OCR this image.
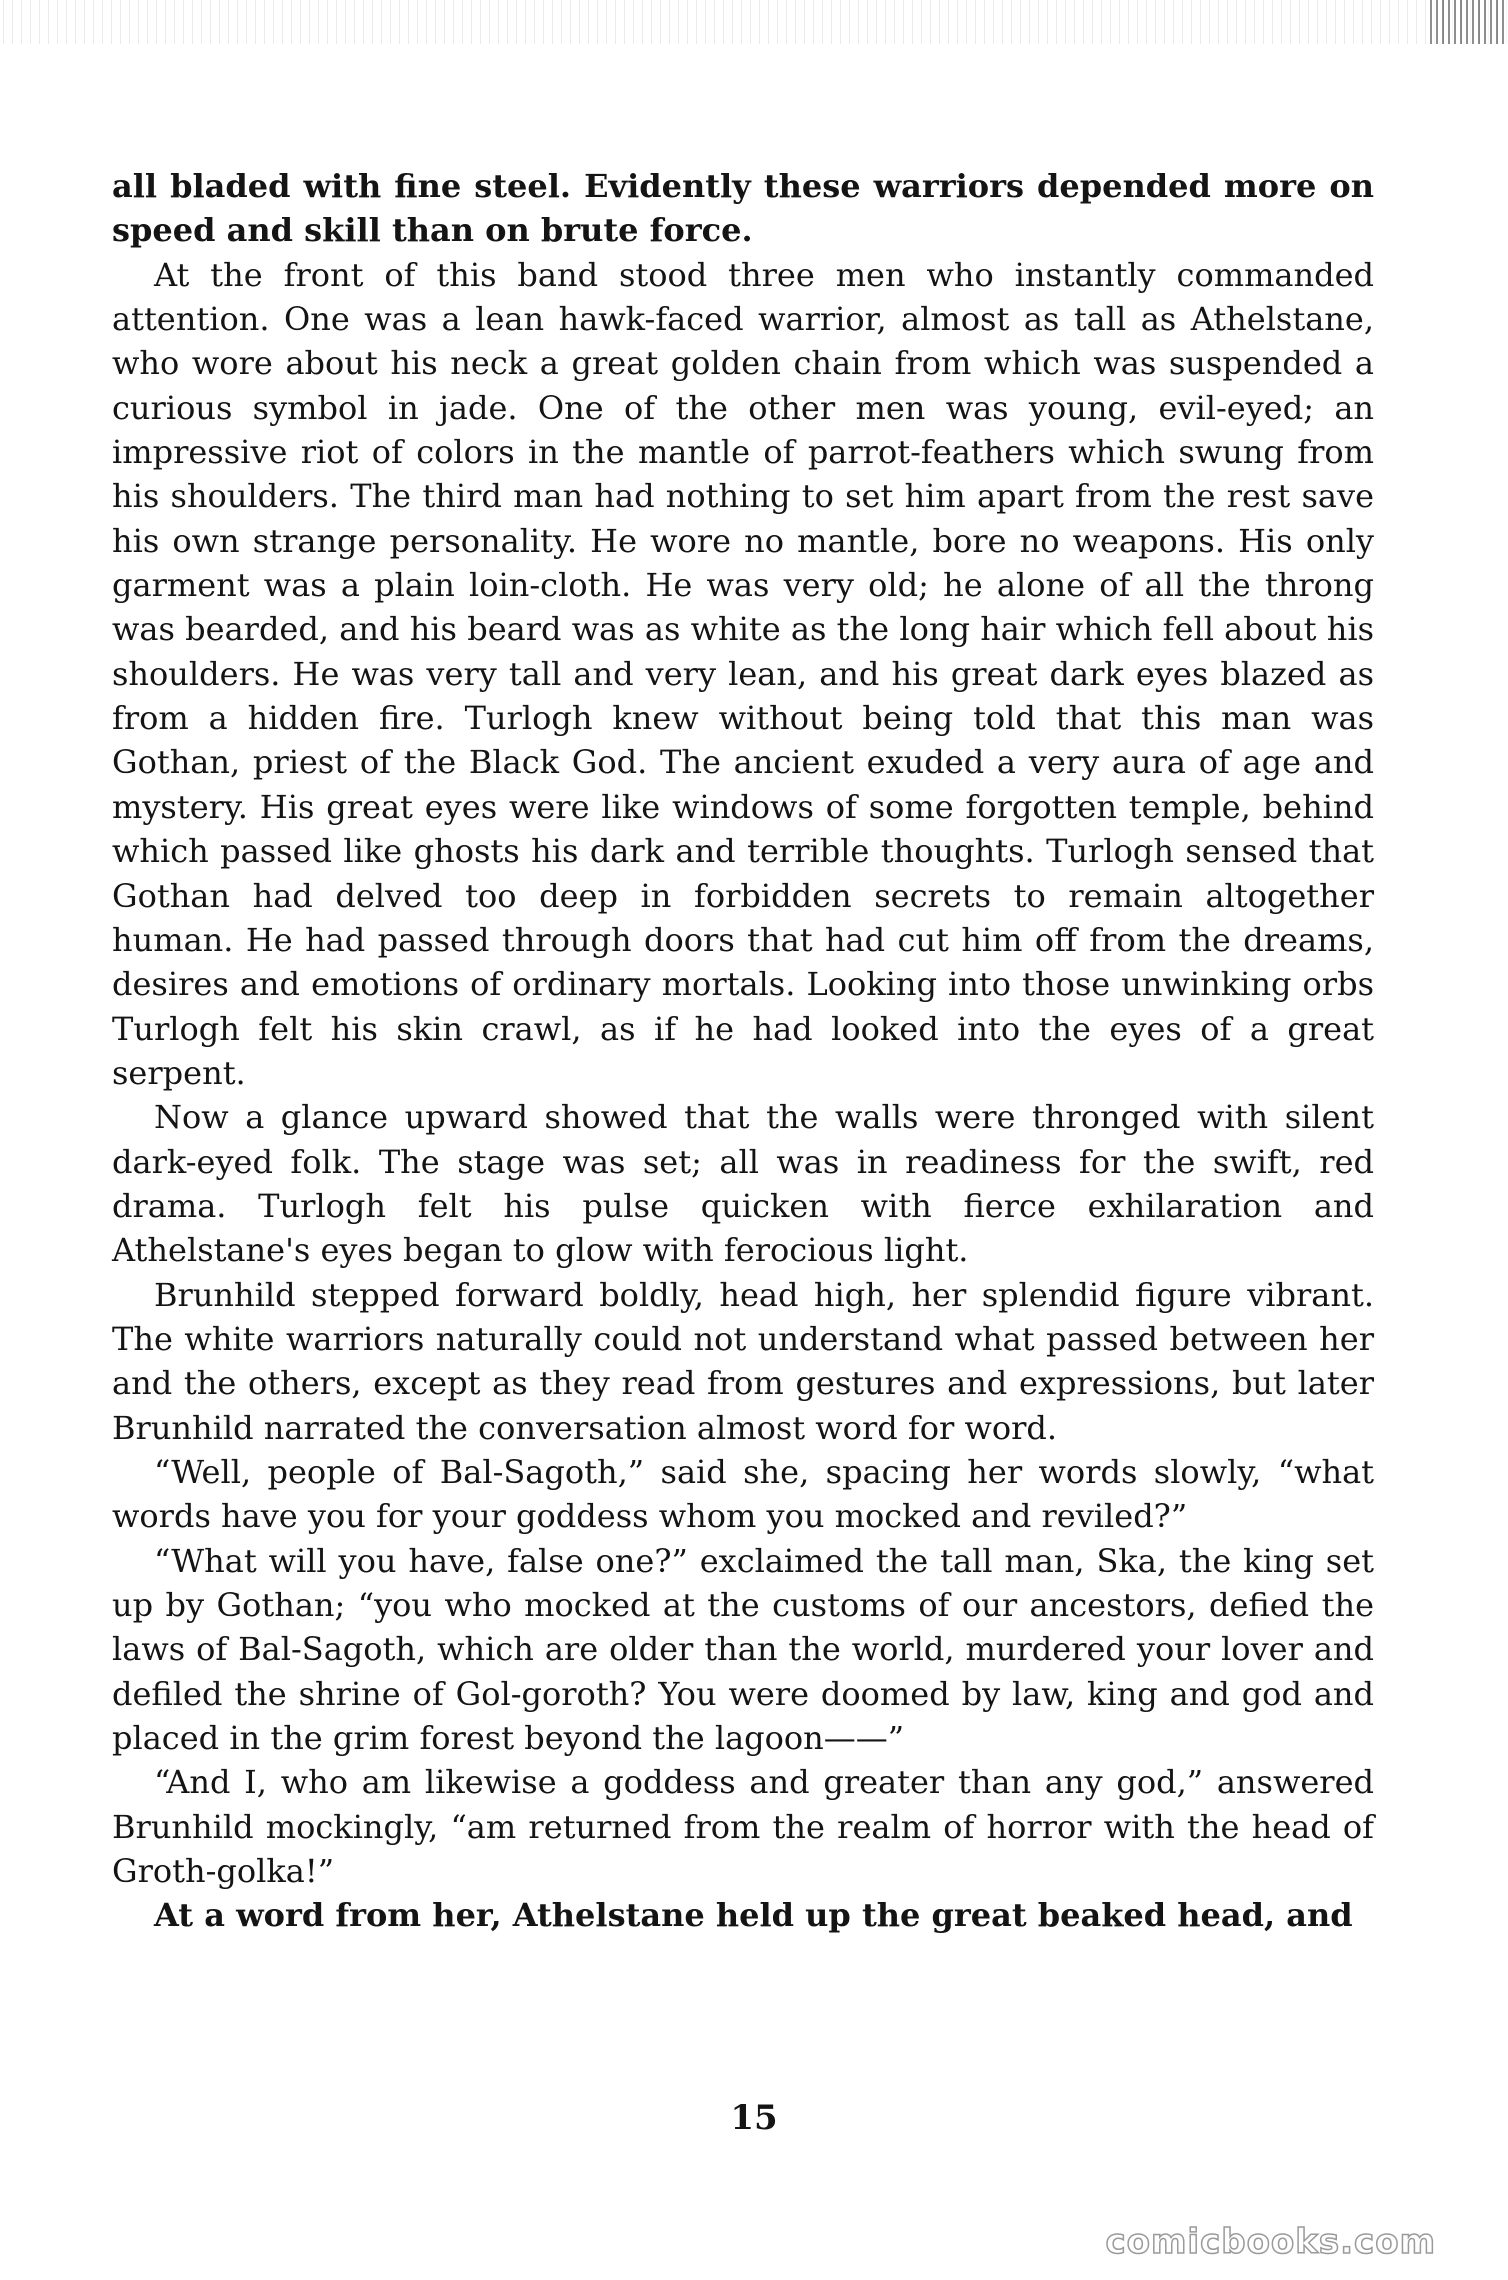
all bladed with fine steel. Evidently these warriors depended more on speed and skill than on brute force.

At the front of this band stood three men who instantly commanded attention. One was a lean hawk-faced warrior, almost as tall as Athelstane, who wore about his neck a great golden chain from which was suspended a curious symbol in jade. One of the other men was young, evil-eyed; an impressive riot of colors in the mantle of parrot-feathers which swung from his shoulders. The third man had nothing to set him apart from the rest save his own strange personality. He wore no mantle, bore no weapons. His only garment was a plain loin-cloth. He was very old; he alone of all the throng was bearded, and his beard was as white as the long hair which fell about his shoulders. He was very tall and very lean, and his great dark eyes blazed as from a hidden fire. Turlogh knew without being told that this man was Gothan, priest of the Black God. The ancient exuded a very aura of age and mystery. His great eyes were like windows of some forgotten temple, behind which passed like ghosts his dark and terrible thoughts. Turlogh sensed that Gothan had delved too deep in forbidden secrets to remain altogether human. He had passed through doors that had cut him off from the dreams, desires and emotions of ordinary mortals. Looking into those unwinking orbs Turlogh felt his skin crawl, as if he had looked into the eyes of a great serpent.

Now a glance upward showed that the walls were thronged with silent dark-eyed folk. The stage was set; all was in readiness for the swift, red drama. Turlogh felt his pulse quicken with fierce exhilaration and Athelstane's eyes began to glow with ferocious light.

Brunhild stepped forward boldly, head high, her splendid figure vibrant. The white warriors naturally could not understand what passed between her and the others, except as they read from gestures and expressions, but later Brunhild narrated the conversation almost word for word.

“Well, people of Bal-Sagoth,” said she, spacing her words slowly, “what words have you for your goddess whom you mocked and reviled?”

“What will you have, false one?” exclaimed the tall man, Ska, the king set up by Gothan; “you who mocked at the customs of our ancestors, defied the laws of Bal-Sagoth, which are older than the world, murdered your lover and defiled the shrine of Gol-goroth? You were doomed by law, king and god and placed in the grim forest beyond the lagoon——”

“And I, who am likewise a goddess and greater than any god,” answered Brunhild mockingly, “am returned from the realm of horror with the head of Groth-golka!”

At a word from her, Athelstane held up the great beaked head, and

15
comicbooks.com
